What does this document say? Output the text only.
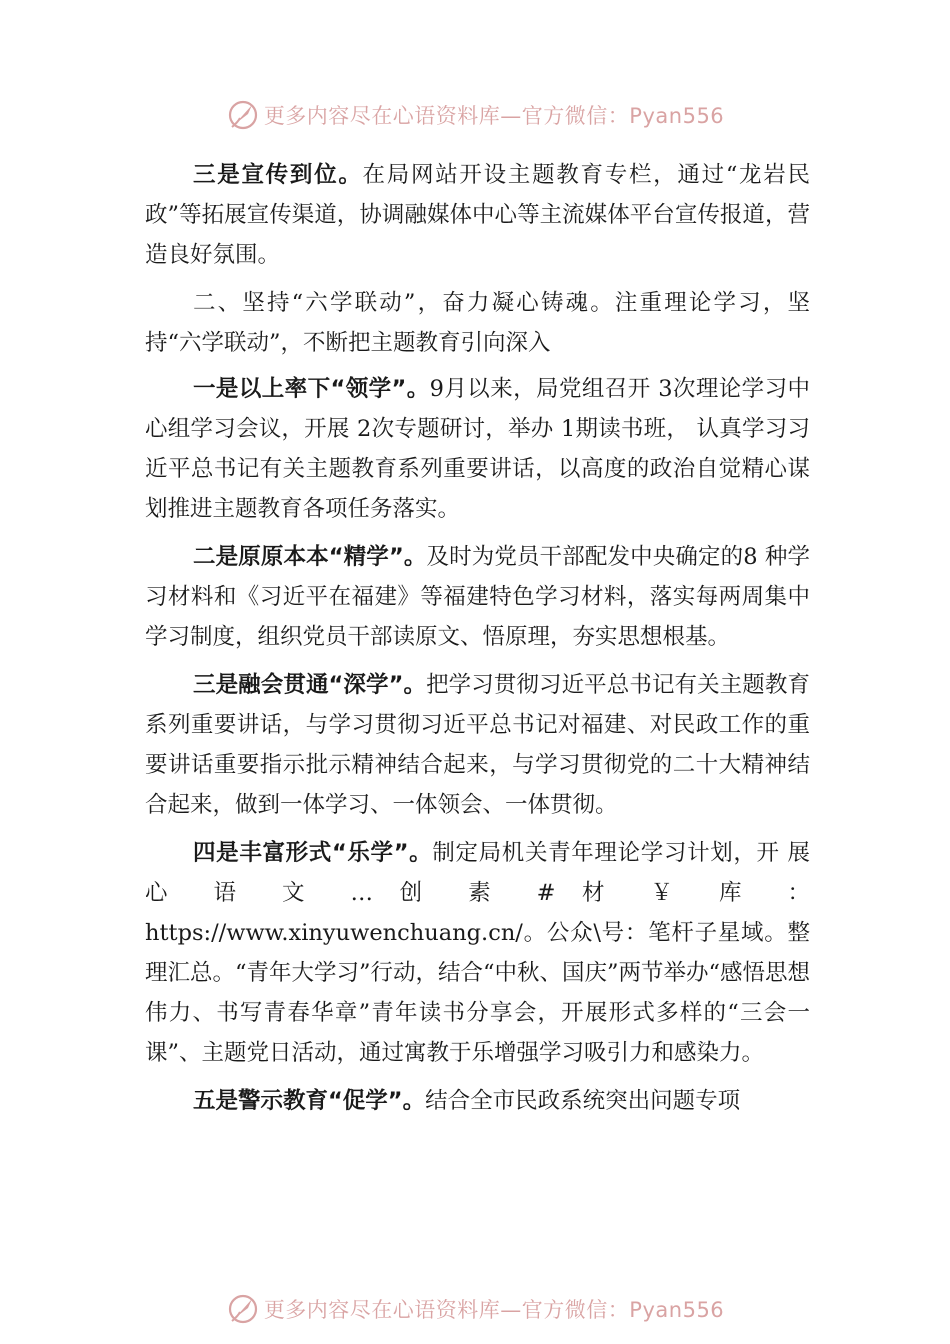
更多内容尽在心语资料库—官方微信：Pyan556

三是宣传到位。在局网站开设主题教育专栏，通过“龙岩民政”等拓展宣传渠道，协调融媒体中心等主流媒体平台宣传报道，营造良好氛围。

二、坚持“六学联动”，奋力凝心铸魂。注重理论学习，坚持“六学联动”，不断把主题教育引向深入

一是以上率下“领学”。9月以来，局党组召开 3次理论学习中心组学习会议，开展 2次专题研讨，举办 1期读书班， 认真学习习近平总书记有关主题教育系列重要讲话，以高度的政治自觉精心谋划推进主题教育各项任务落实。

二是原原本本“精学”。及时为党员干部配发中央确定的8 种学习材料和《习近平在福建》等福建特色学习材料，落实每两周集中学习制度，组织党员干部读原文、悟原理，夯实思想根基。

三是融会贯通“深学”。把学习贯彻习近平总书记有关主题教育系列重要讲话，与学习贯彻习近平总书记对福建、对民政工作的重要讲话重要指示批示精神结合起来，与学习贯彻党的二十大精神结合起来，做到一体学习、一体领会、一体贯彻。

四是丰富形式“乐学”。制定局机关青年理论学习计划，开 展 心 语 文 … 创 素 # 材 ￥ 库 ： https://www.xinyuwenchuang.cn/。公众\号：笔杆子星域。整理汇总。“青年大学习”行动，结合“中秋、国庆”两节举办“感悟思想伟力、书写青春华章”青年读书分享会，开展形式多样的“三会一课”、主题党日活动，通过寓教于乐增强学习吸引力和感染力。

五是警示教育“促学”。结合全市民政系统突出问题专项

更多内容尽在心语资料库—官方微信：Pyan556
